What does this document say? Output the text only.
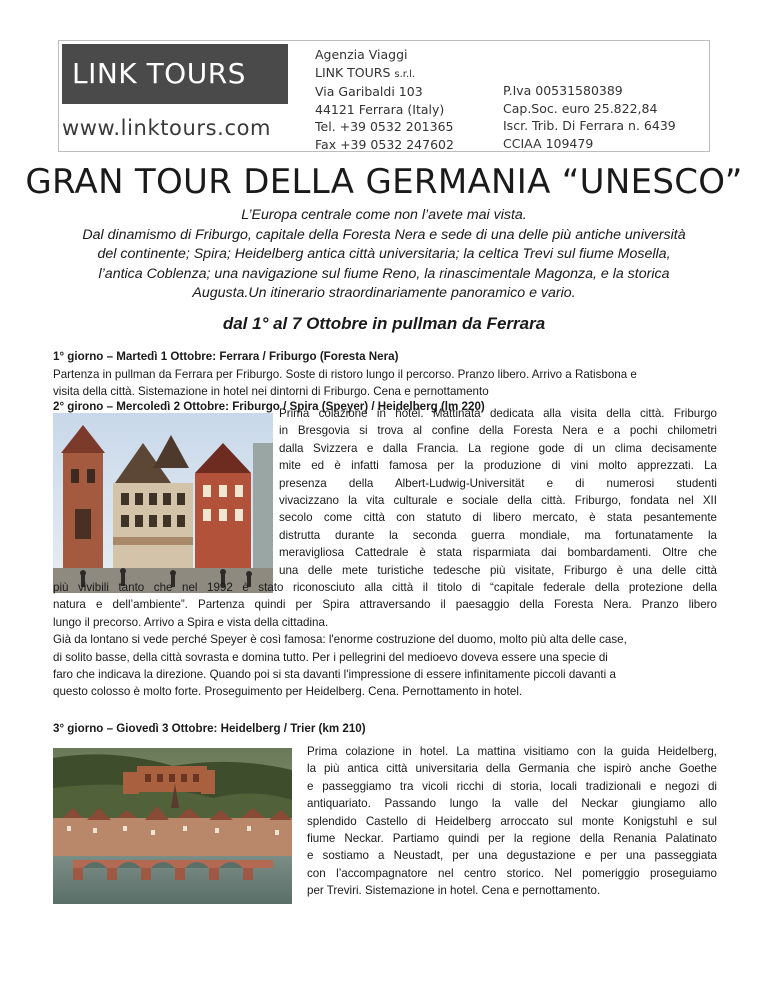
LINK TOURS
www.linktours.com
Agenzia Viaggi
LINK TOURS s.r.l.
Via Garibaldi 103
44121 Ferrara (Italy)
Tel. +39 0532 201365
Fax +39 0532 247602
P.Iva 00531580389
Cap.Soc. euro 25.822,84
Iscr. Trib. Di Ferrara n. 6439
CCIAA 109479
GRAN TOUR DELLA GERMANIA “UNESCO”
L’Europa centrale come non l’avete mai vista.
Dal dinamismo di Friburgo, capitale della Foresta Nera e sede di una delle più antiche università
del continente; Spira; Heidelberg antica città universitaria; la celtica Trevi sul fiume Mosella,
l’antica Coblenza; una navigazione sul fiume Reno, la rinascimentale Magonza, e la storica
Augusta.Un itinerario straordinariamente panoramico e vario.
dal 1° al 7 Ottobre in pullman da Ferrara
1° giorno – Martedì 1 Ottobre: Ferrara / Friburgo (Foresta Nera)
Partenza in pullman da Ferrara per Friburgo. Soste di ristoro lungo il percorso. Pranzo libero. Arrivo a Ratisbona e
visita della città. Sistemazione in hotel nei dintorni di Friburgo. Cena e pernottamento
2° girono – Mercoledì 2 Ottobre: Friburgo / Spira (Speyer) / Heidelberg (lm 220)
Prima colazione in hotel. Mattinata dedicata alla visita della città. Friburgo
in Bresgovia si trova al confine della Foresta Nera e a pochi chilometri
dalla Svizzera e dalla Francia. La regione gode di un clima decisamente
mite ed è infatti famosa per la produzione di vini molto apprezzati. La
presenza della Albert-Ludwig-Universität e di numerosi studenti
vivacizzano la vita culturale e sociale della città. Friburgo, fondata nel XII
secolo come città con statuto di libero mercato, è stata pesantemente
distrutta durante la seconda guerra mondiale, ma fortunatamente la
meravigliosa Cattedrale è stata risparmiata dai bombardamenti. Oltre che
una delle mete turistiche tedesche più visitate, Friburgo è una delle città
più vivibili tanto che nel 1992 è stato riconosciuto alla città il titolo di “capitale federale della protezione della
natura e dell’ambiente”. Partenza quindi per Spira attraversando il paesaggio della Foresta Nera. Pranzo libero
lungo il precorso. Arrivo a Spira e vista della cittadina.
Già da lontano si vede perché Speyer è così famosa: l'enorme costruzione del duomo, molto più alta delle case,
di solito basse, della città sovrasta e domina tutto. Per i pellegrini del medioevo doveva essere una specie di
faro che indicava la direzione. Quando poi si sta davanti l'impressione di essere infinitamente piccoli davanti a
questo colosso è molto forte. Proseguimento per Heidelberg. Cena. Pernottamento in hotel.
3° giorno – Giovedì 3 Ottobre: Heidelberg / Trier (km 210)
Prima colazione in hotel. La mattina visitiamo con la guida Heidelberg,
la più antica città universitaria della Germania che ispirò anche Goethe
e passeggiamo tra vicoli ricchi di storia, locali tradizionali e negozi di
antiquariato. Passando lungo la valle del Neckar giungiamo allo
splendido Castello di Heidelberg arroccato sul monte Konigstuhl e sul
fiume Neckar. Partiamo quindi per la regione della Renania Palatinato
e sostiamo a Neustadt, per una degustazione e per una passeggiata
con l’accompagnatore nel centro storico. Nel pomeriggio proseguiamo
per Treviri. Sistemazione in hotel. Cena e pernottamento.
